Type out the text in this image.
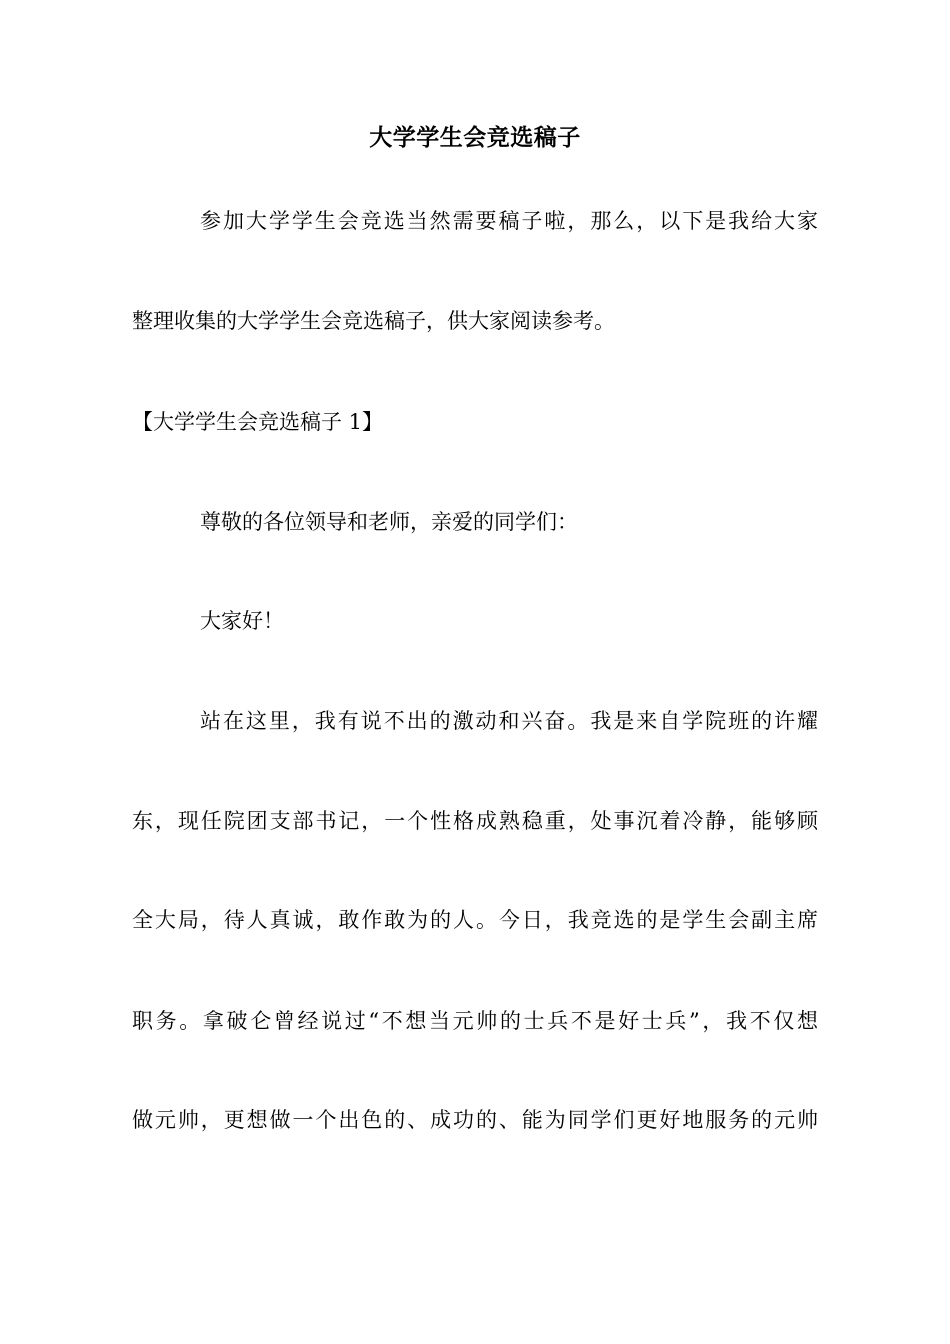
大学学生会竞选稿子
参加大学学生会竞选当然需要稿子啦，那么，以下是我给大家
整理收集的大学学生会竞选稿子，供大家阅读参考。
【大学学生会竞选稿子 1】
尊敬的各位领导和老师，亲爱的同学们：
大家好！
站在这里，我有说不出的激动和兴奋。我是来自学院班的许耀
东，现任院团支部书记，一个性格成熟稳重，处事沉着冷静，能够顾
全大局，待人真诚，敢作敢为的人。今日，我竞选的是学生会副主席
职务。拿破仑曾经说过“不想当元帅的士兵不是好士兵”，我不仅想
做元帅，更想做一个出色的、成功的、能为同学们更好地服务的元帅
